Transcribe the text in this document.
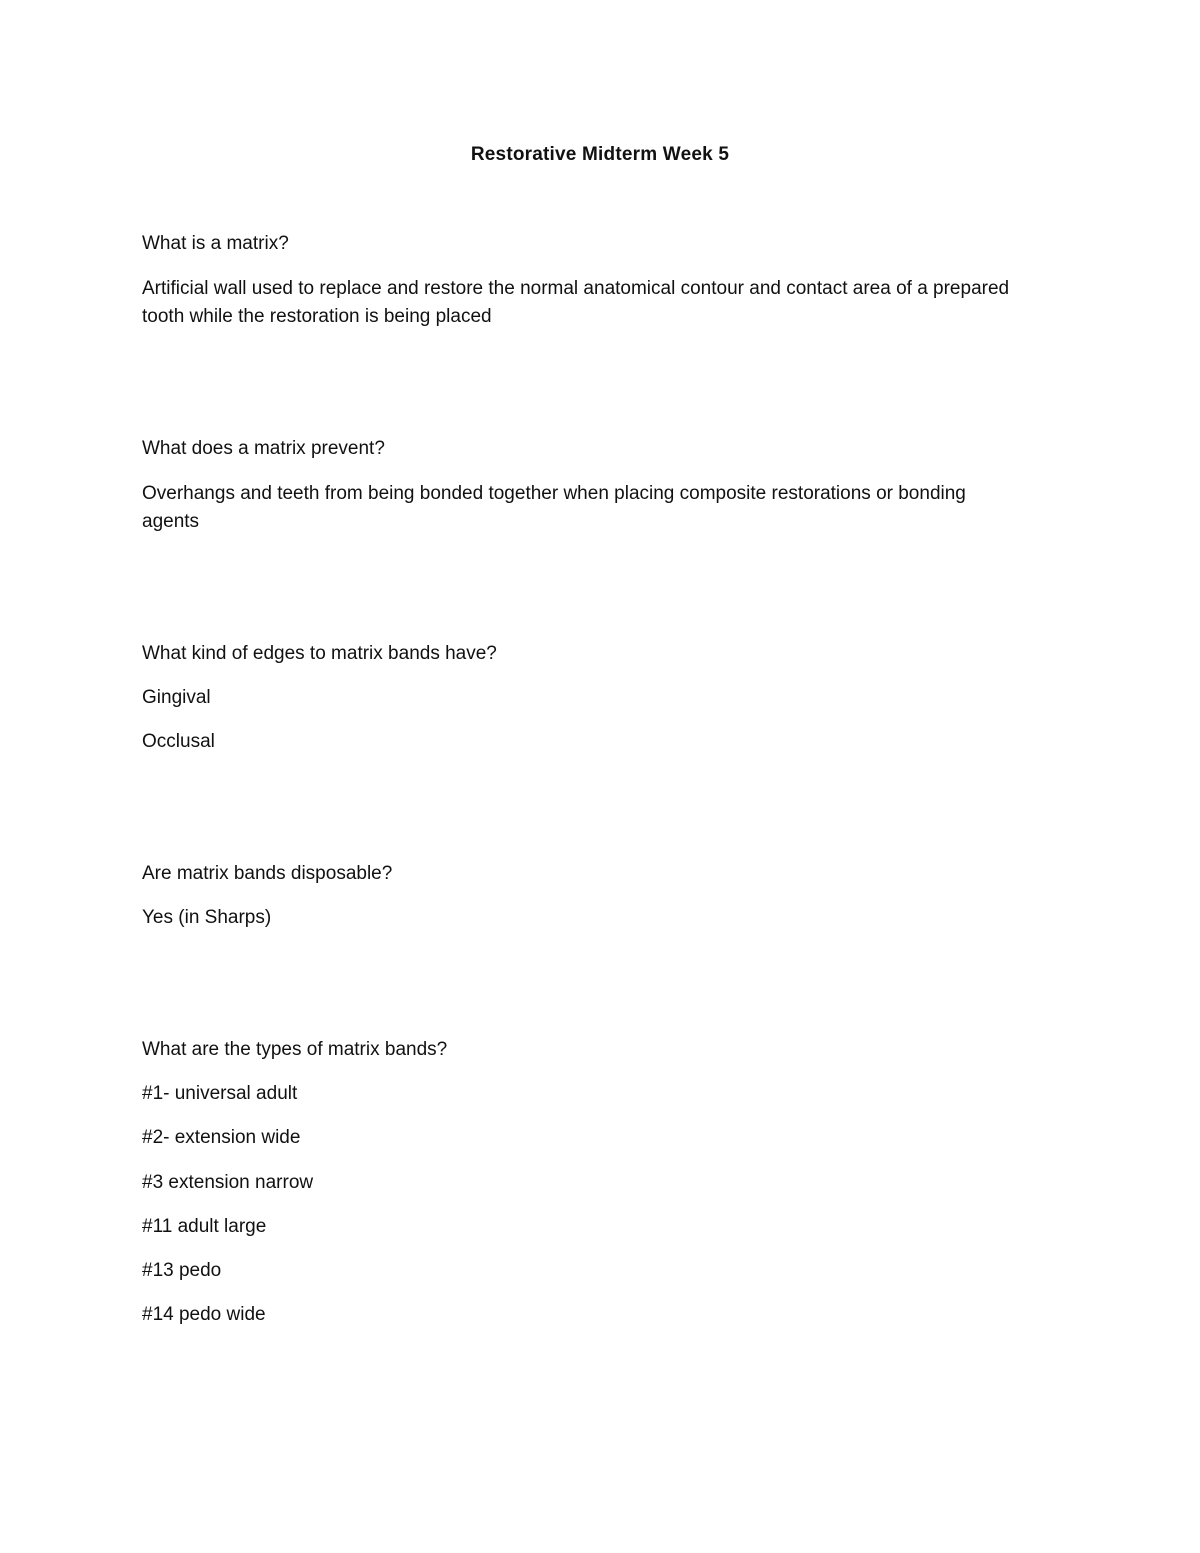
Restorative Midterm Week 5
What is a matrix?
Artificial wall used to replace and restore the normal anatomical contour and contact area of a prepared
tooth while the restoration is being placed
What does a matrix prevent?
Overhangs and teeth from being bonded together when placing composite restorations or bonding
agents
What kind of edges to matrix bands have?
Gingival
Occlusal
Are matrix bands disposable?
Yes (in Sharps)
What are the types of matrix bands?
#1- universal adult
#2- extension wide
#3 extension narrow
#11 adult large
#13 pedo
#14 pedo wide
